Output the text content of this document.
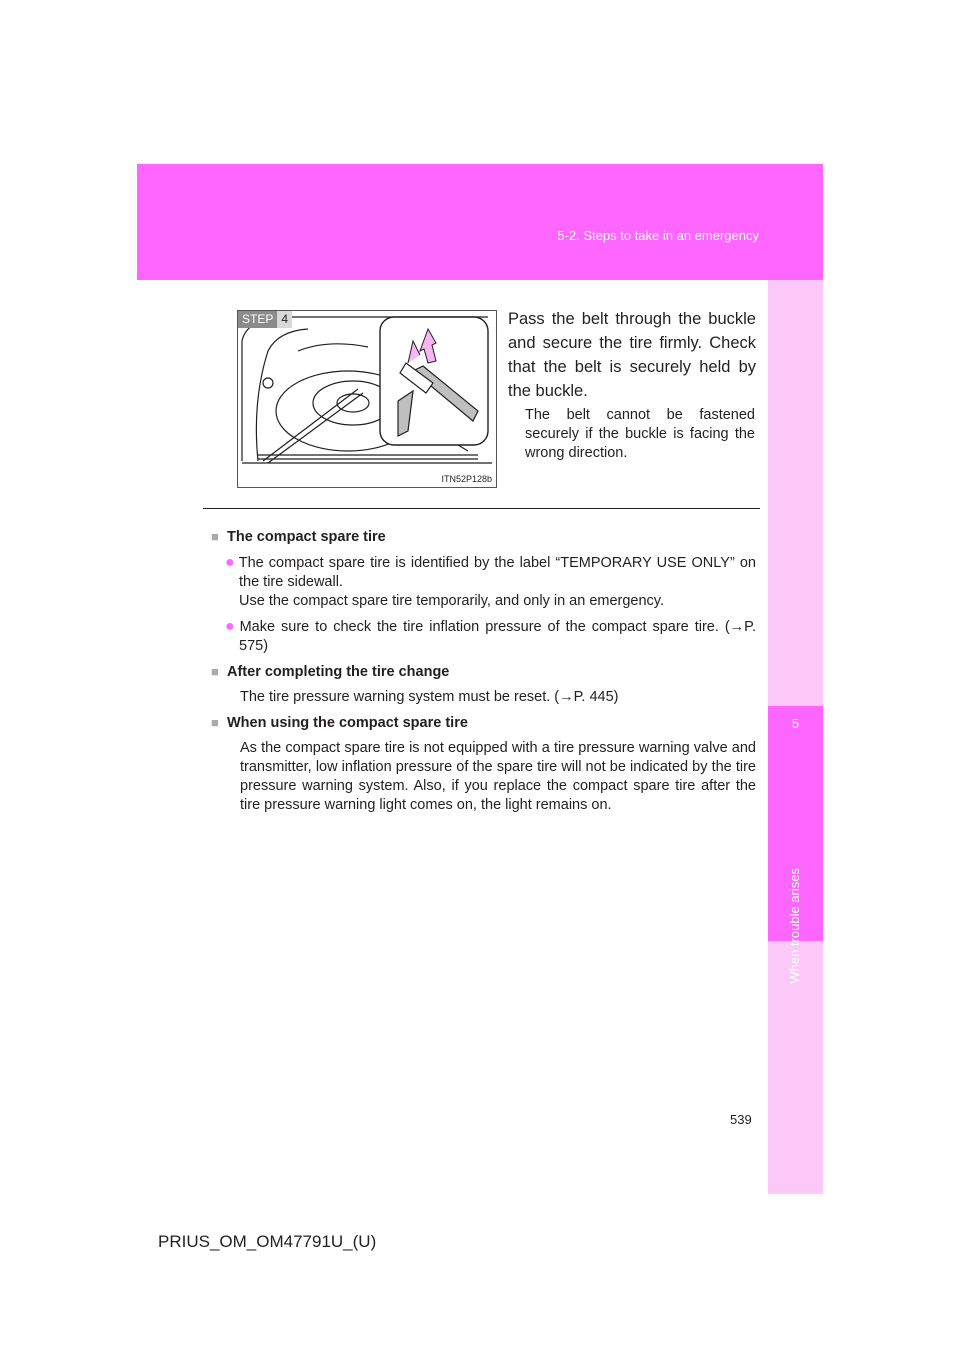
5-2. Steps to take in an emergency
5
When trouble arises
STEP 4
ITN52P128b
Pass the belt through the buckle and secure the tire firmly. Check that the belt is securely held by the buckle.
The belt cannot be fastened securely if the buckle is facing the wrong direction.
■ The compact spare tire
● The compact spare tire is identified by the label “TEMPORARY USE ONLY” on the tire sidewall.
Use the compact spare tire temporarily, and only in an emergency.
● Make sure to check the tire inflation pressure of the compact spare tire. (→P. 575)
■ After completing the tire change
The tire pressure warning system must be reset. (→P. 445)
■ When using the compact spare tire
As the compact spare tire is not equipped with a tire pressure warning valve and transmitter, low inflation pressure of the spare tire will not be indicated by the tire pressure warning system. Also, if you replace the compact spare tire after the tire pressure warning light comes on, the light remains on.
539
PRIUS_OM_OM47791U_(U)
